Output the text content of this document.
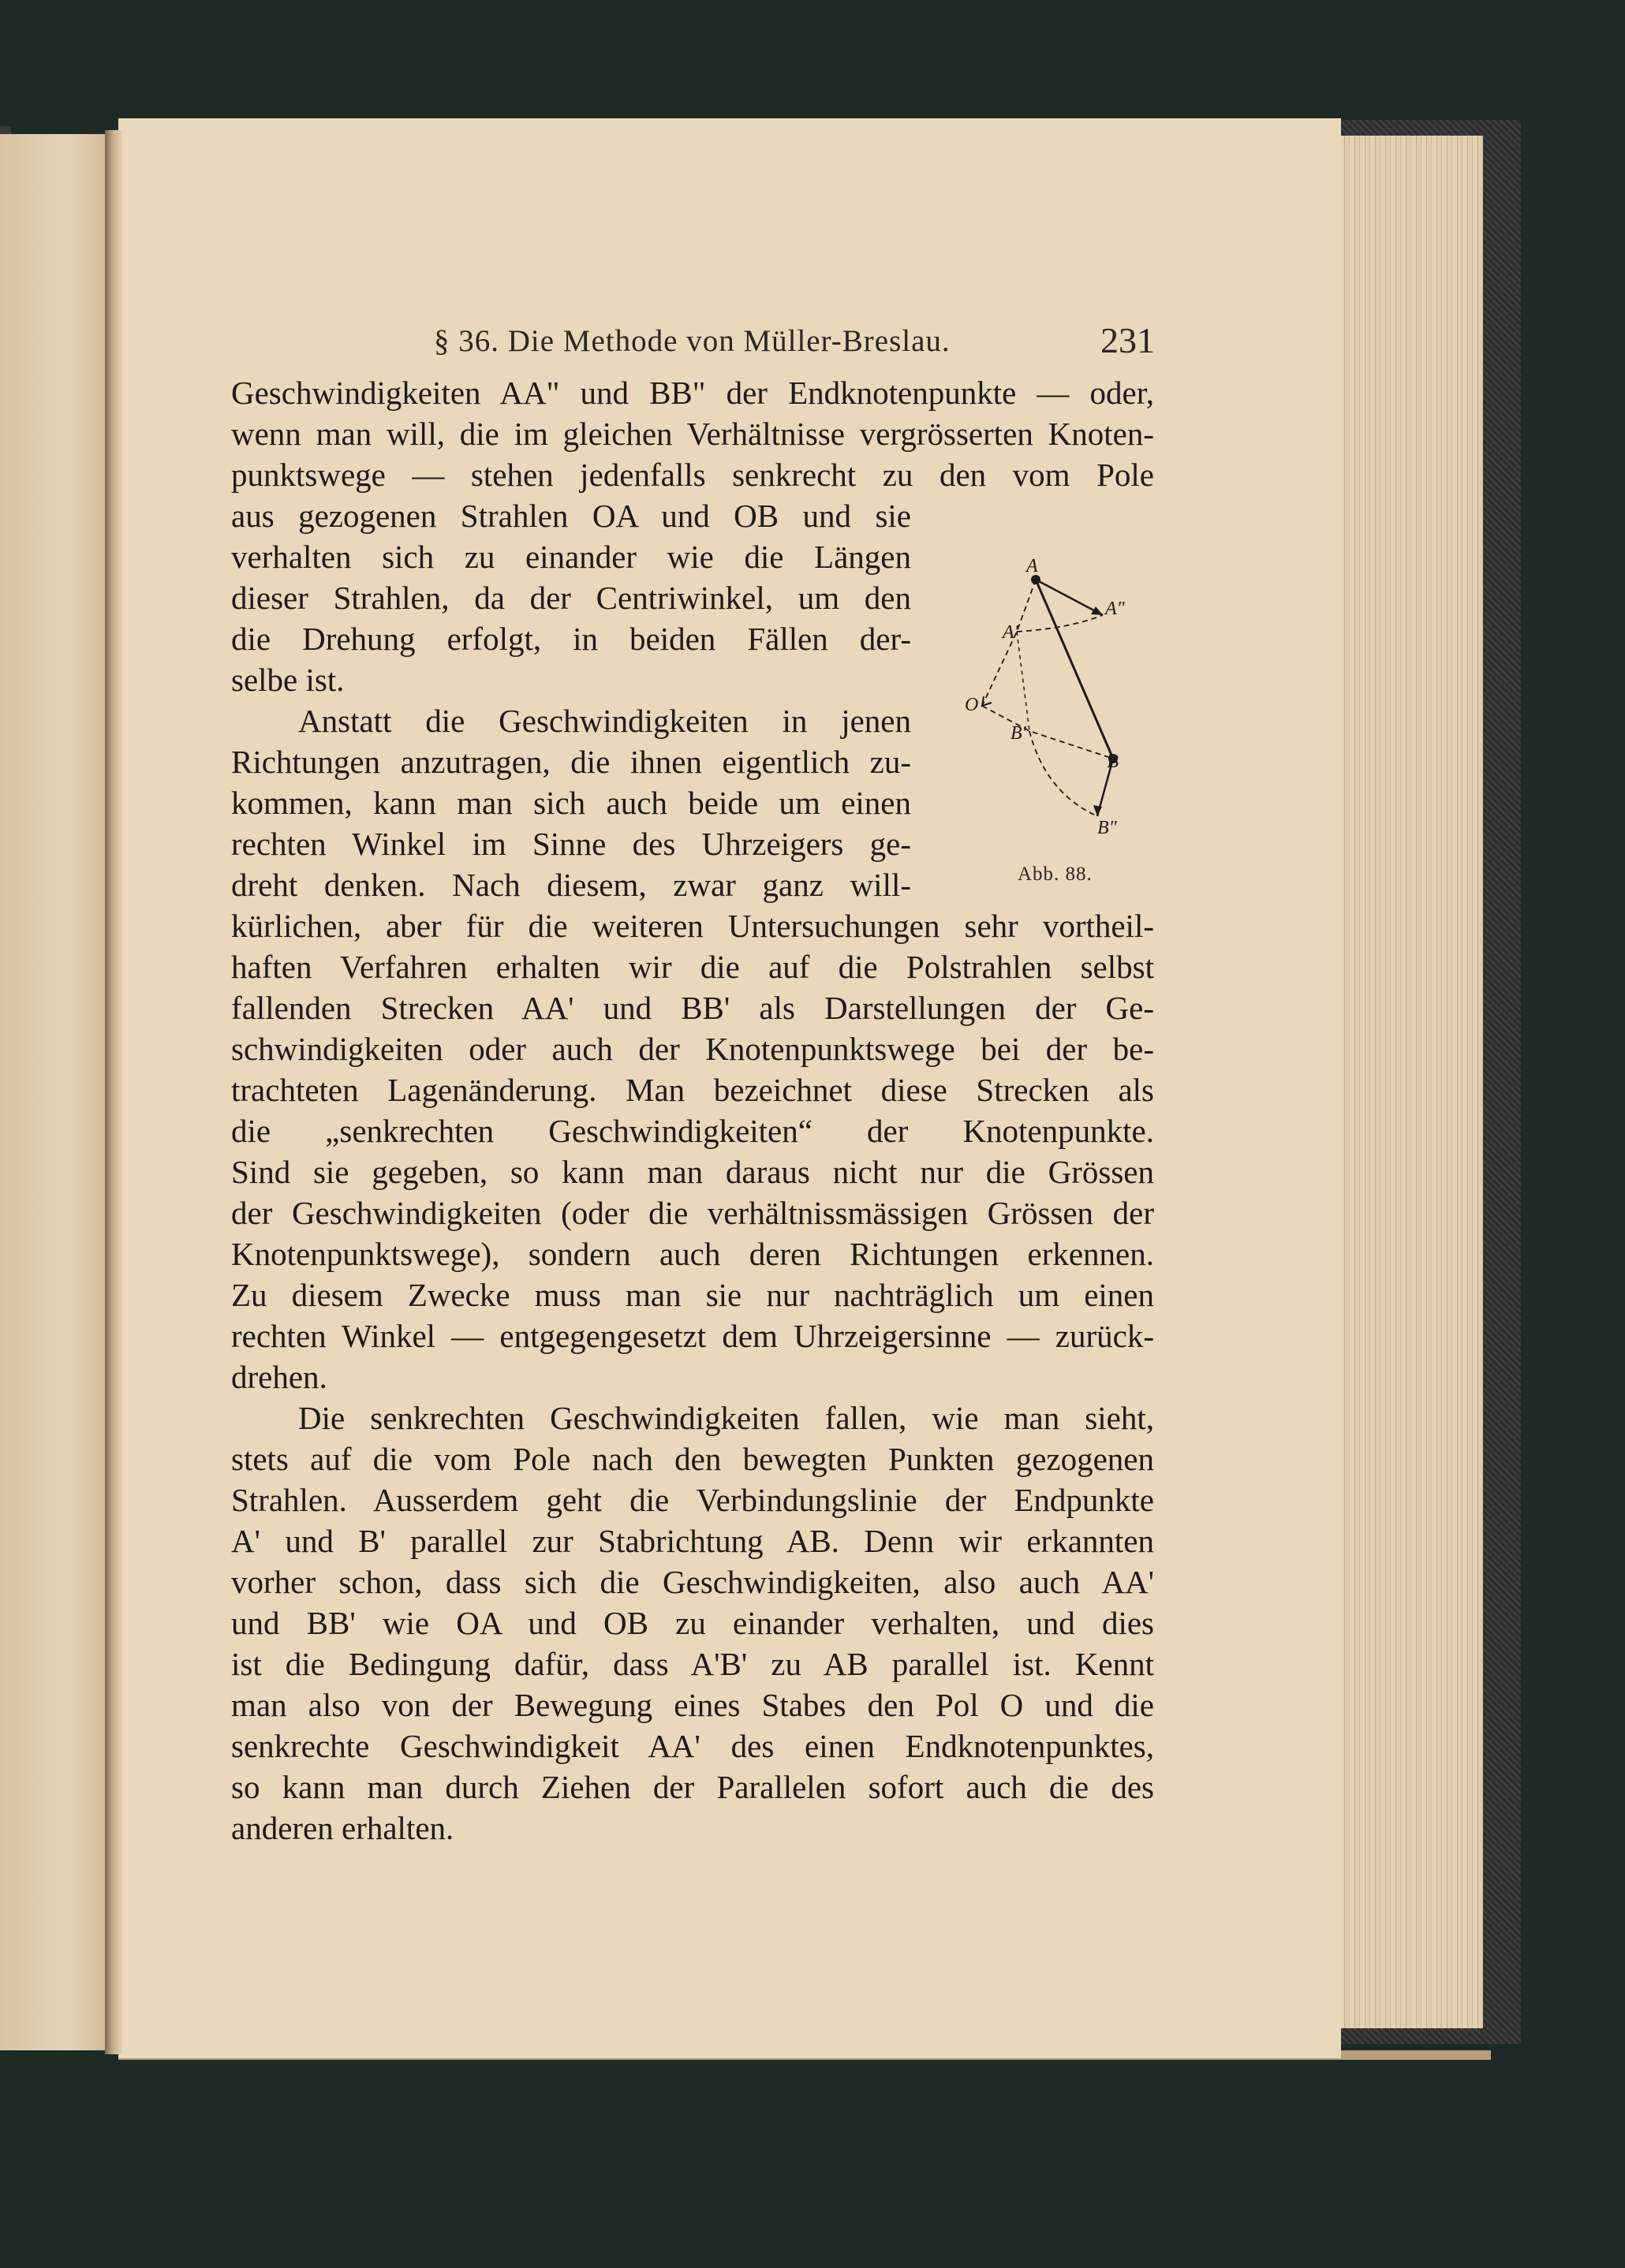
§ 36. Die Methode von Müller-Breslau.	231
Geschwindigkeiten AA" und BB" der Endknotenpunkte — oder,
wenn man will, die im gleichen Verhältnisse vergrösserten Knoten-
punktswege — stehen jedenfalls senkrecht zu den vom Pole
aus gezogenen Strahlen OA und OB und sie
verhalten sich zu einander wie die Längen
dieser Strahlen, da der Centriwinkel, um den
die Drehung erfolgt, in beiden Fällen der-
selbe ist.
Anstatt die Geschwindigkeiten in jenen
Richtungen anzutragen, die ihnen eigentlich zu-
kommen, kann man sich auch beide um einen
rechten Winkel im Sinne des Uhrzeigers ge-
dreht denken. Nach diesem, zwar ganz will-
kürlichen, aber für die weiteren Untersuchungen sehr vortheil-
haften Verfahren erhalten wir die auf die Polstrahlen selbst
fallenden Strecken AA' und BB' als Darstellungen der Ge-
schwindigkeiten oder auch der Knotenpunktswege bei der be-
trachteten Lagenänderung. Man bezeichnet diese Strecken als
die „senkrechten Geschwindigkeiten“ der Knotenpunkte.
Sind sie gegeben, so kann man daraus nicht nur die Grössen
der Geschwindigkeiten (oder die verhältnissmässigen Grössen der
Knotenpunktswege), sondern auch deren Richtungen erkennen.
Zu diesem Zwecke muss man sie nur nachträglich um einen
rechten Winkel — entgegengesetzt dem Uhrzeigersinne — zurück-
drehen.
Die senkrechten Geschwindigkeiten fallen, wie man sieht,
stets auf die vom Pole nach den bewegten Punkten gezogenen
Strahlen. Ausserdem geht die Verbindungslinie der Endpunkte
A' und B' parallel zur Stabrichtung AB. Denn wir erkannten
vorher schon, dass sich die Geschwindigkeiten, also auch AA'
und BB' wie OA und OB zu einander verhalten, und dies
ist die Bedingung dafür, dass A'B' zu AB parallel ist. Kennt
man also von der Bewegung eines Stabes den Pol O und die
senkrechte Geschwindigkeit AA' des einen Endknotenpunktes,
so kann man durch Ziehen der Parallelen sofort auch die des
anderen erhalten.
A
A"
A'
O
B'
B
B"
Abb. 88.
